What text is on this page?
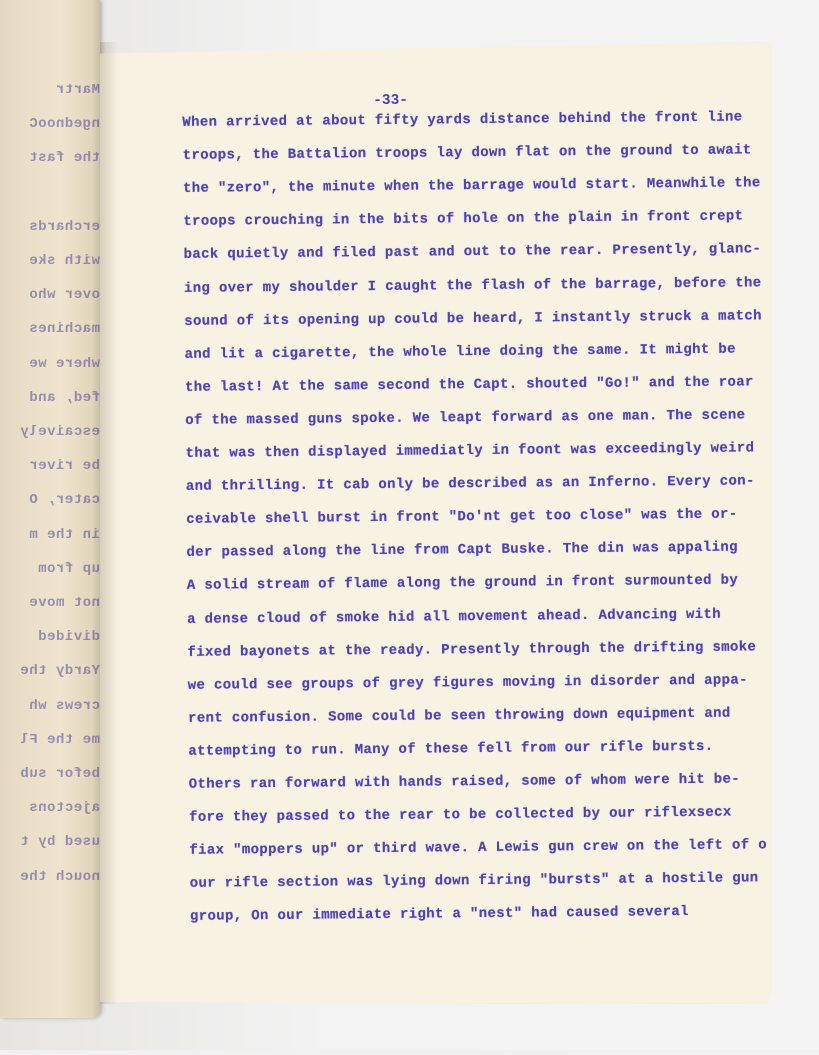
Martr
ngednooC
the fast
erchards
with ske
over who
machines
where we
fed, and
escaively
be river
cater, O
in the m
up from
not move
divided
Yardy the
crews wh
me the Fl
befor sub
ajectons
used by t
nouch the
-33-
When arrived at about fifty yards distance behind the front line
troops, the Battalion troops lay down flat on the ground to await
the "zero", the minute when the barrage would start. Meanwhile the
troops crouching in the bits of hole on the plain in front crept
back quietly and filed past and out to the rear. Presently, glanc-
ing over my shoulder I caught the flash of the barrage, before the
sound of its opening up could be heard, I instantly struck a match
and lit a cigarette, the whole line doing the same. It might be
the last! At the same second the Capt. shouted "Go!" and the roar
of the massed guns spoke. We leapt forward as one man. The scene
that was then displayed immediatly in foont was exceedingly weird
and thrilling. It cab only be described as an Inferno. Every con-
ceivable shell burst in front "Do'nt get too close" was the or-
der passed along the line from Capt Buske. The din was appaling
A solid stream of flame along the ground in front surmounted by
a dense cloud of smoke hid all movement ahead. Advancing with
fixed bayonets at the ready. Presently through the drifting smoke
we could see groups of grey figures moving in disorder and appa-
rent confusion. Some could be seen throwing down equipment and
attempting to run. Many of these fell from our rifle bursts.
Others ran forward with hands raised, some of whom were hit be-
fore they passed to the rear to be collected by our riflexsecx
fiax "moppers up" or third wave. A Lewis gun crew on the left of o
our rifle section was lying down firing "bursts" at a hostile gun
group, On our immediate right a "nest" had caused several
